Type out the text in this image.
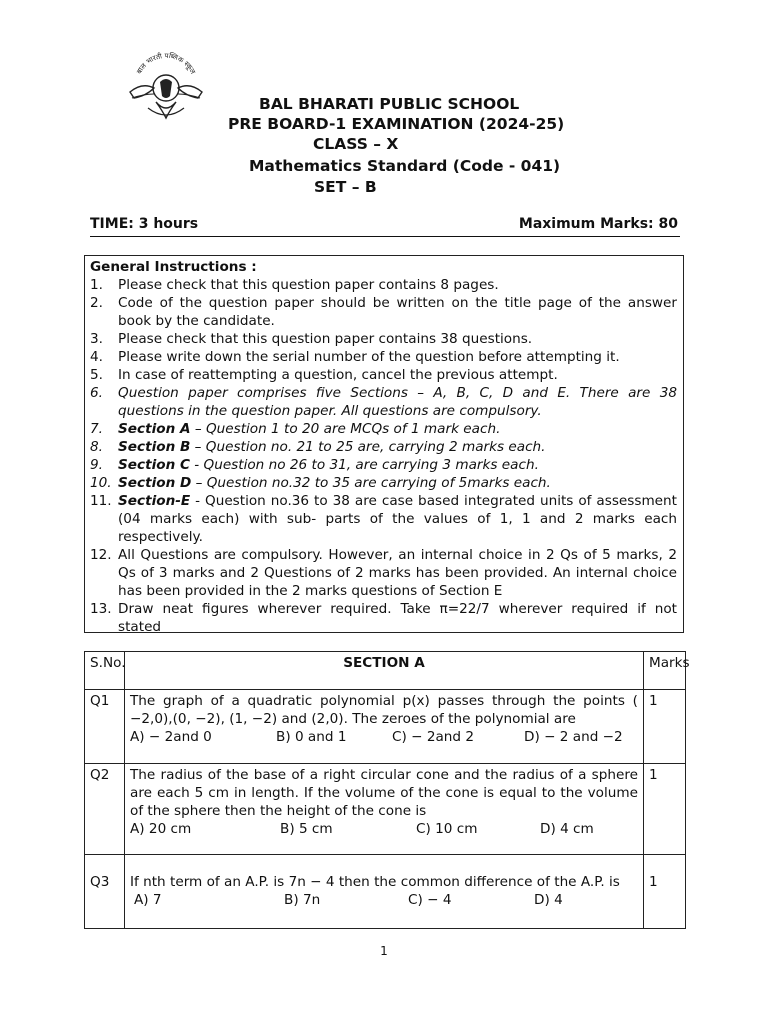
बाल भारती पब्लिक स्कूल
BAL BHARATI PUBLIC SCHOOL
PRE BOARD-1 EXAMINATION (2024-25)
CLASS – X
Mathematics Standard (Code - 041)
SET – B
TIME: 3 hours	Maximum Marks: 80
General Instructions :
1. Please check that this question paper contains 8 pages.
2. Code of the question paper should be written on the title page of the answer book by the candidate.
3. Please check that this question paper contains 38 questions.
4. Please write down the serial number of the question before attempting it.
5. In case of reattempting a question, cancel the previous attempt.
6. Question paper comprises five Sections – A, B, C, D and E. There are 38 questions in the question paper. All questions are compulsory.
7. Section A – Question 1 to 20 are MCQs of 1 mark each.
8. Section B – Question no. 21 to 25 are, carrying 2 marks each.
9. Section C - Question no 26 to 31, are carrying 3 marks each.
10. Section D – Question no.32 to 35 are carrying of 5marks each.
11. Section-E - Question no.36 to 38 are case based integrated units of assessment (04 marks each) with sub- parts of the values of 1, 1 and 2 marks each respectively.
12. All Questions are compulsory. However, an internal choice in 2 Qs of 5 marks, 2 Qs of 3 marks and 2 Questions of 2 marks has been provided. An internal choice has been provided in the 2 marks questions of Section E
13. Draw neat figures wherever required. Take π=22/7 wherever required if not stated
S.No.	SECTION A	Marks
Q1	The graph of a quadratic polynomial p(x) passes through the points ( −2,0),(0, −2), (1, −2) and (2,0). The zeroes of the polynomial are
A) − 2and 0 B) 0 and 1 C) − 2and 2 D) − 2 and −2	1
Q2	The radius of the base of a right circular cone and the radius of a sphere are each 5 cm in length. If the volume of the cone is equal to the volume of the sphere then the height of the cone is
A) 20 cm B) 5 cm C) 10 cm D) 4 cm	1
Q3	If nth term of an A.P. is 7n − 4 then the common difference of the A.P. is
A) 7 B) 7n C) − 4 D) 4	1
1
